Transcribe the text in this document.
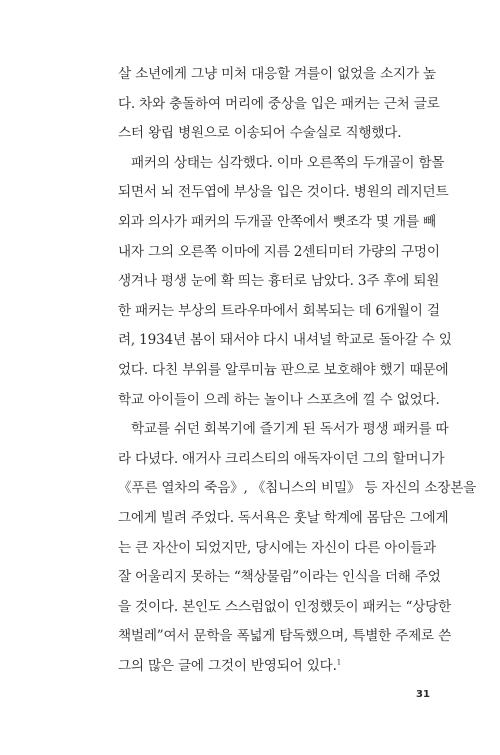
살 소년에게 그냥 미처 대응할 겨를이 없었을 소지가 높
다. 차와 충돌하여 머리에 중상을 입은 패커는 근처 글로
스터 왕립 병원으로 이송되어 수술실로 직행했다.
패커의 상태는 심각했다. 이마 오른쪽의 두개골이 함몰
되면서 뇌 전두엽에 부상을 입은 것이다. 병원의 레지던트
외과 의사가 패커의 두개골 안쪽에서 뼛조각 몇 개를 빼
내자 그의 오른쪽 이마에 지름 2센티미터 가량의 구멍이
생겨나 평생 눈에 확 띄는 흉터로 남았다. 3주 후에 퇴원
한 패커는 부상의 트라우마에서 회복되는 데 6개월이 걸
려, 1934년 봄이 돼서야 다시 내셔널 학교로 돌아갈 수 있
었다. 다친 부위를 알루미늄 판으로 보호해야 했기 때문에
학교 아이들이 으레 하는 놀이나 스포츠에 낄 수 없었다.
학교를 쉬던 회복기에 즐기게 된 독서가 평생 패커를 따
라 다녔다. 애거사 크리스티의 애독자이던 그의 할머니가
《푸른 열차의 죽음》, 《침니스의 비밀》 등 자신의 소장본을
그에게 빌려 주었다. 독서욕은 훗날 학계에 몸담은 그에게
는 큰 자산이 되었지만, 당시에는 자신이 다른 아이들과
잘 어울리지 못하는 “책상물림”이라는 인식을 더해 주었
을 것이다. 본인도 스스럼없이 인정했듯이 패커는 “상당한
책벌레”여서 문학을 폭넓게 탐독했으며, 특별한 주제로 쓴
그의 많은 글에 그것이 반영되어 있다.$^1$
31
